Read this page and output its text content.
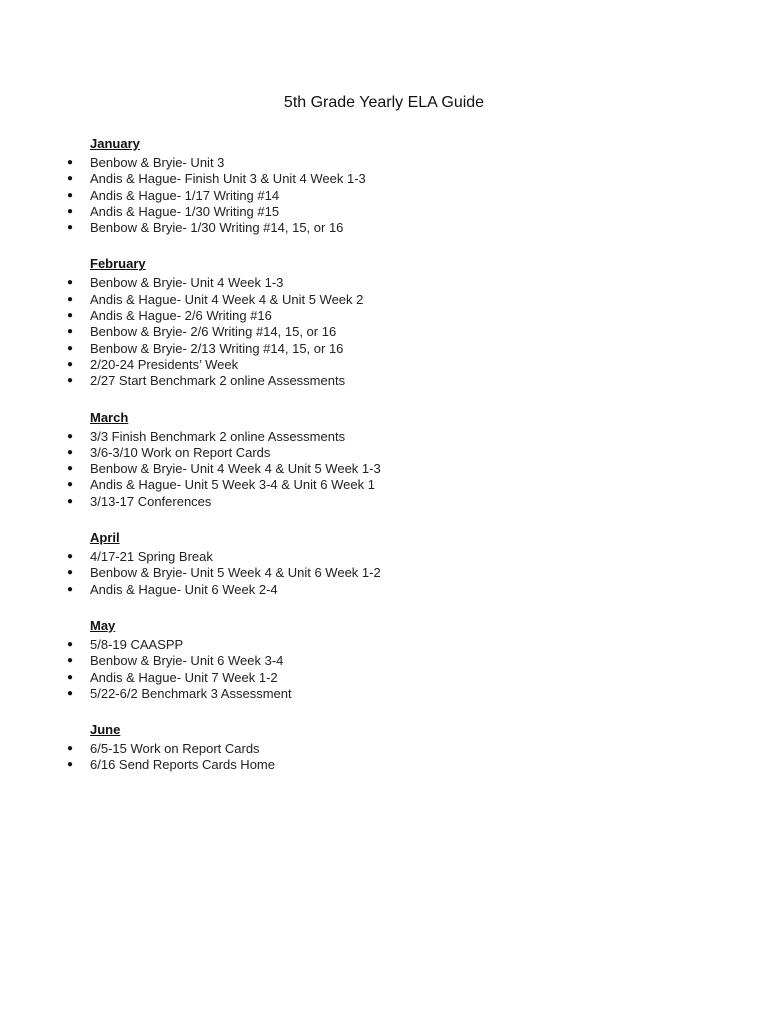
5th Grade Yearly ELA Guide
January
●	Benbow & Bryie- Unit 3
●	Andis & Hague- Finish Unit 3 & Unit 4 Week 1-3
●	Andis & Hague- 1/17 Writing #14
●	Andis & Hague- 1/30 Writing #15
●	Benbow & Bryie- 1/30 Writing #14, 15, or 16
February
●	Benbow & Bryie- Unit 4 Week 1-3
●	Andis & Hague- Unit 4 Week 4 & Unit 5 Week 2
●	Andis & Hague- 2/6 Writing #16
●	Benbow & Bryie- 2/6 Writing #14, 15, or 16
●	Benbow & Bryie- 2/13 Writing #14, 15, or 16
●	2/20-24 Presidents’ Week
●	2/27 Start Benchmark 2 online Assessments
March
●	3/3 Finish Benchmark 2 online Assessments
●	3/6-3/10 Work on Report Cards
●	Benbow & Bryie- Unit 4 Week 4 & Unit 5 Week 1-3
●	Andis & Hague- Unit 5 Week 3-4 & Unit 6 Week 1
●	3/13-17 Conferences
April
●	4/17-21 Spring Break
●	Benbow & Bryie- Unit 5 Week 4 & Unit 6 Week 1-2
●	Andis & Hague- Unit 6 Week 2-4
May
●	5/8-19 CAASPP
●	Benbow & Bryie- Unit 6 Week 3-4
●	Andis & Hague- Unit 7 Week 1-2
●	5/22-6/2 Benchmark 3 Assessment
June
●	6/5-15 Work on Report Cards
●	6/16 Send Reports Cards Home
